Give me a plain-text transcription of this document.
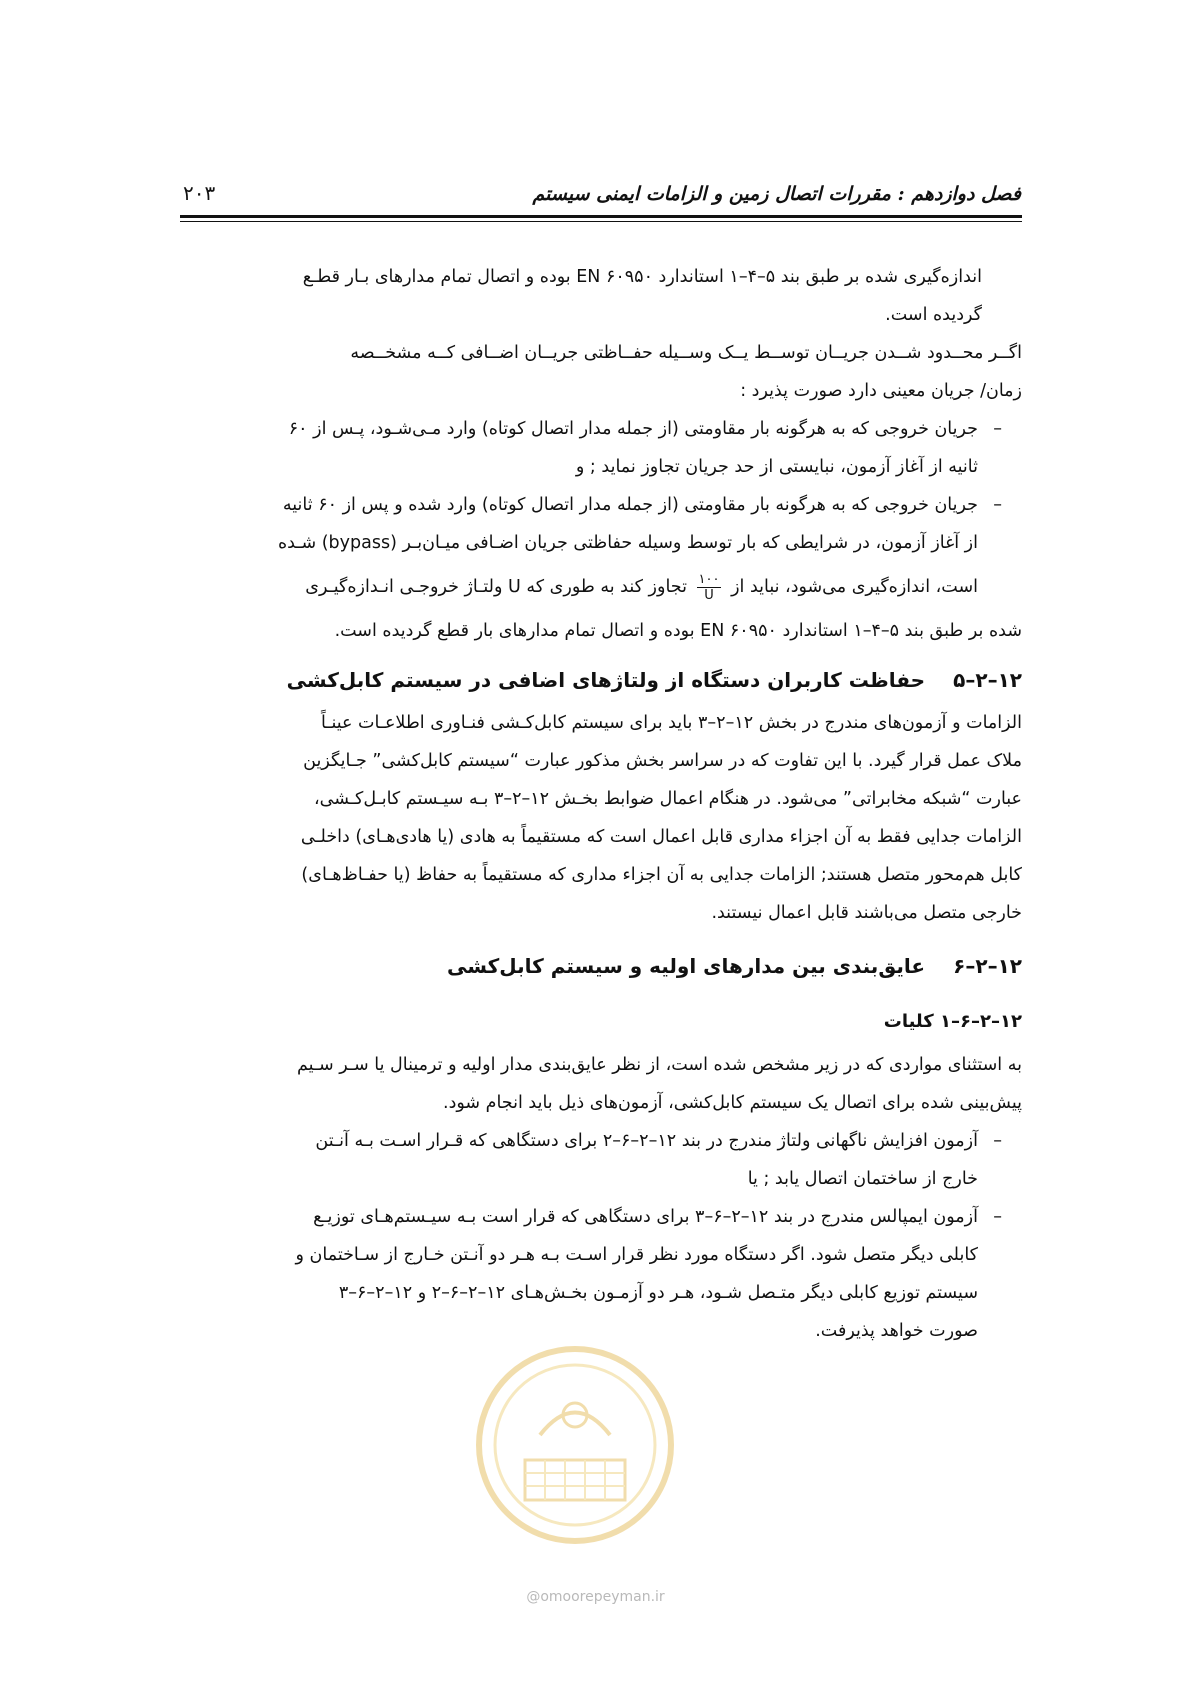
فصل دوازدهم : مقررات اتصال زمین و الزامات ایمنی سیستم
۲۰۳

اندازه‌گیری شده بر طبق بند ۵–۴–۱ استاندارد ۶۰۹۵۰ EN بوده و اتصال تمام مدارهای بـار قطـع

گردیده است.

اگــر محــدود شــدن جریــان توســط یــک وســیله حفــاظتی جریــان اضــافی کــه مشخــصه

زمان/ جریان معینی دارد صورت پذیرد :

–

جریان خروجی که به هرگونه بار مقاومتی (از جمله مدار اتصال کوتاه) وارد مـی‌شـود، پـس از ۶۰

ثانیه از آغاز آزمون، نبایستی از حد جریان تجاوز نماید ; و

–

جریان خروجی که به هرگونه بار مقاومتی (از جمله مدار اتصال کوتاه) وارد شده و پس از ۶۰ ثانیه

از آغاز آزمون، در شرایطی که بار توسط وسیله حفاظتی جریان اضـافی میـان‌بـر (bypass) شـده

است، اندازه‌گیری می‌شود، نباید از
$\frac{۱۰۰}{U}$
تجاوز کند به طوری که U ولتـاژ خروجـی انـدازه‌گیـری

شده بر طبق بند ۵–۴–۱ استاندارد ۶۰۹۵۰ EN بوده و اتصال تمام مدارهای بار قطع گردیده است.

۱۲–۲–۵ حفاظت کاربران دستگاه از ولتاژهای اضافی در سیستم کابل‌کشی

الزامات و آزمون‌های مندرج در بخش ۱۲–۲–۳ باید برای سیستم کابل‌کـشی فنـاوری اطلاعـات عینـاً

ملاک عمل قرار گیرد. با این تفاوت که در سراسر بخش مذکور عبارت “سیستم کابل‌کشی” جـایگزین

عبارت “شبکه مخابراتی” می‌شود. در هنگام اعمال ضوابط بخـش ۱۲–۲–۳ بـه سیـستم کابـل‌کـشی،

الزامات جدایی فقط به آن اجزاء مداری قابل اعمال است که مستقیماً به هادی (یا هادی‌هـای) داخلـی

کابل هم‌محور متصل هستند; الزامات جدایی به آن اجزاء مداری که مستقیماً به حفاظ (یا حفـاظ‌هـای)

خارجی متصل می‌باشند قابل اعمال نیستند.

۱۲–۲–۶ عایق‌بندی بین مدارهای اولیه و سیستم کابل‌کشی
۱۲–۲–۶–۱ کلیات

به استثنای مواردی که در زیر مشخص شده است، از نظر عایق‌بندی مدار اولیه و ترمینال یا سـر سـیم

پیش‌بینی شده برای اتصال یک سیستم کابل‌کشی، آزمون‌های ذیل باید انجام شود.

–

آزمون افزایش ناگهانی ولتاژ مندرج در بند ۱۲–۲–۶–۲ برای دستگاهی که قـرار اسـت بـه آنـتن

خارج از ساختمان اتصال یابد ; یا

–

آزمون ایمپالس مندرج در بند ۱۲–۲–۶–۳ برای دستگاهی که قرار است بـه سیـستم‌هـای توزیـع

کابلی دیگر متصل شود. اگر دستگاه مورد نظر قرار اسـت بـه هـر دو آنـتن خـارج از سـاختمان و

سیستم توزیع کابلی دیگر متـصل شـود، هـر دو آزمـون بخـش‌هـای ۱۲–۲–۶–۲ و ۱۲–۲–۶–۳

صورت خواهد پذیرفت.

@omoorepeyman.ir
